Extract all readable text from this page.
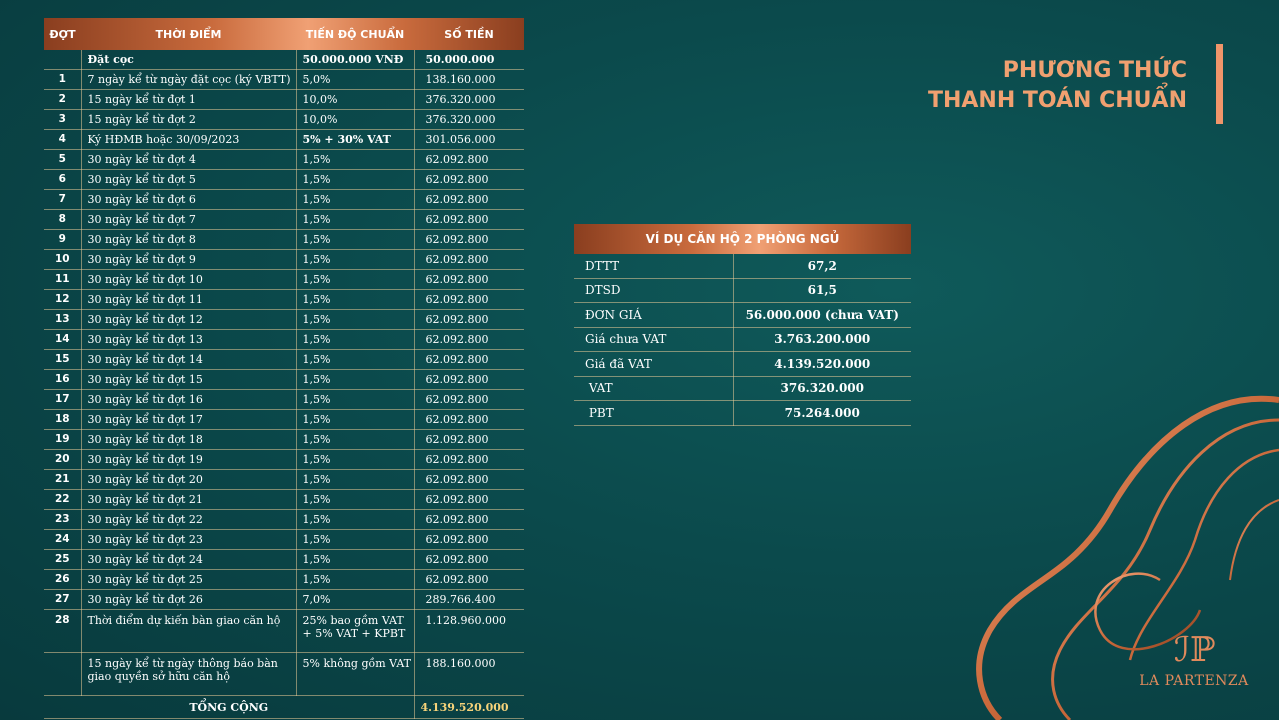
ĐỢT	THỜI ĐIỂM	TIẾN ĐỘ CHUẨN	SỐ TIỀN
	Đặt cọc	50.000.000 VNĐ	50.000.000
1	7 ngày kể từ ngày đặt cọc (ký VBTT)	5,0%	138.160.000
2	15 ngày kể từ đợt 1	10,0%	376.320.000
3	15 ngày kể từ đợt 2	10,0%	376.320.000
4	Ký HĐMB hoặc 30/09/2023	5% + 30% VAT	301.056.000
5	30 ngày kể từ đợt 4	1,5%	62.092.800
6	30 ngày kể từ đợt 5	1,5%	62.092.800
7	30 ngày kể từ đợt 6	1,5%	62.092.800
8	30 ngày kể từ đợt 7	1,5%	62.092.800
9	30 ngày kể từ đợt 8	1,5%	62.092.800
10	30 ngày kể từ đợt 9	1,5%	62.092.800
11	30 ngày kể từ đợt 10	1,5%	62.092.800
12	30 ngày kể từ đợt 11	1,5%	62.092.800
13	30 ngày kể từ đợt 12	1,5%	62.092.800
14	30 ngày kể từ đợt 13	1,5%	62.092.800
15	30 ngày kể từ đợt 14	1,5%	62.092.800
16	30 ngày kể từ đợt 15	1,5%	62.092.800
17	30 ngày kể từ đợt 16	1,5%	62.092.800
18	30 ngày kể từ đợt 17	1,5%	62.092.800
19	30 ngày kể từ đợt 18	1,5%	62.092.800
20	30 ngày kể từ đợt 19	1,5%	62.092.800
21	30 ngày kể từ đợt 20	1,5%	62.092.800
22	30 ngày kể từ đợt 21	1,5%	62.092.800
23	30 ngày kể từ đợt 22	1,5%	62.092.800
24	30 ngày kể từ đợt 23	1,5%	62.092.800
25	30 ngày kể từ đợt 24	1,5%	62.092.800
26	30 ngày kể từ đợt 25	1,5%	62.092.800
27	30 ngày kể từ đợt 26	7,0%	289.766.400
28	Thời điểm dự kiến bàn giao căn hộ	25% bao gồm VAT + 5% VAT + KPBT	1.128.960.000
	15 ngày kể từ ngày thông báo bàn giao quyền sở hữu căn hộ	5% không gồm VAT	188.160.000
TỔNG CỘNG			4.139.520.000
PHƯƠNG THỨC
THANH TOÁN CHUẨN
VÍ DỤ CĂN HỘ 2 PHÒNG NGỦ	
DTTT	67,2
DTSD	61,5
ĐƠN GIÁ	56.000.000 (chưa VAT)
Giá chưa VAT	3.763.200.000
Giá đã VAT	4.139.520.000
VAT	376.320.000
PBT	75.264.000
ℐℙ
LA PARTENZA
